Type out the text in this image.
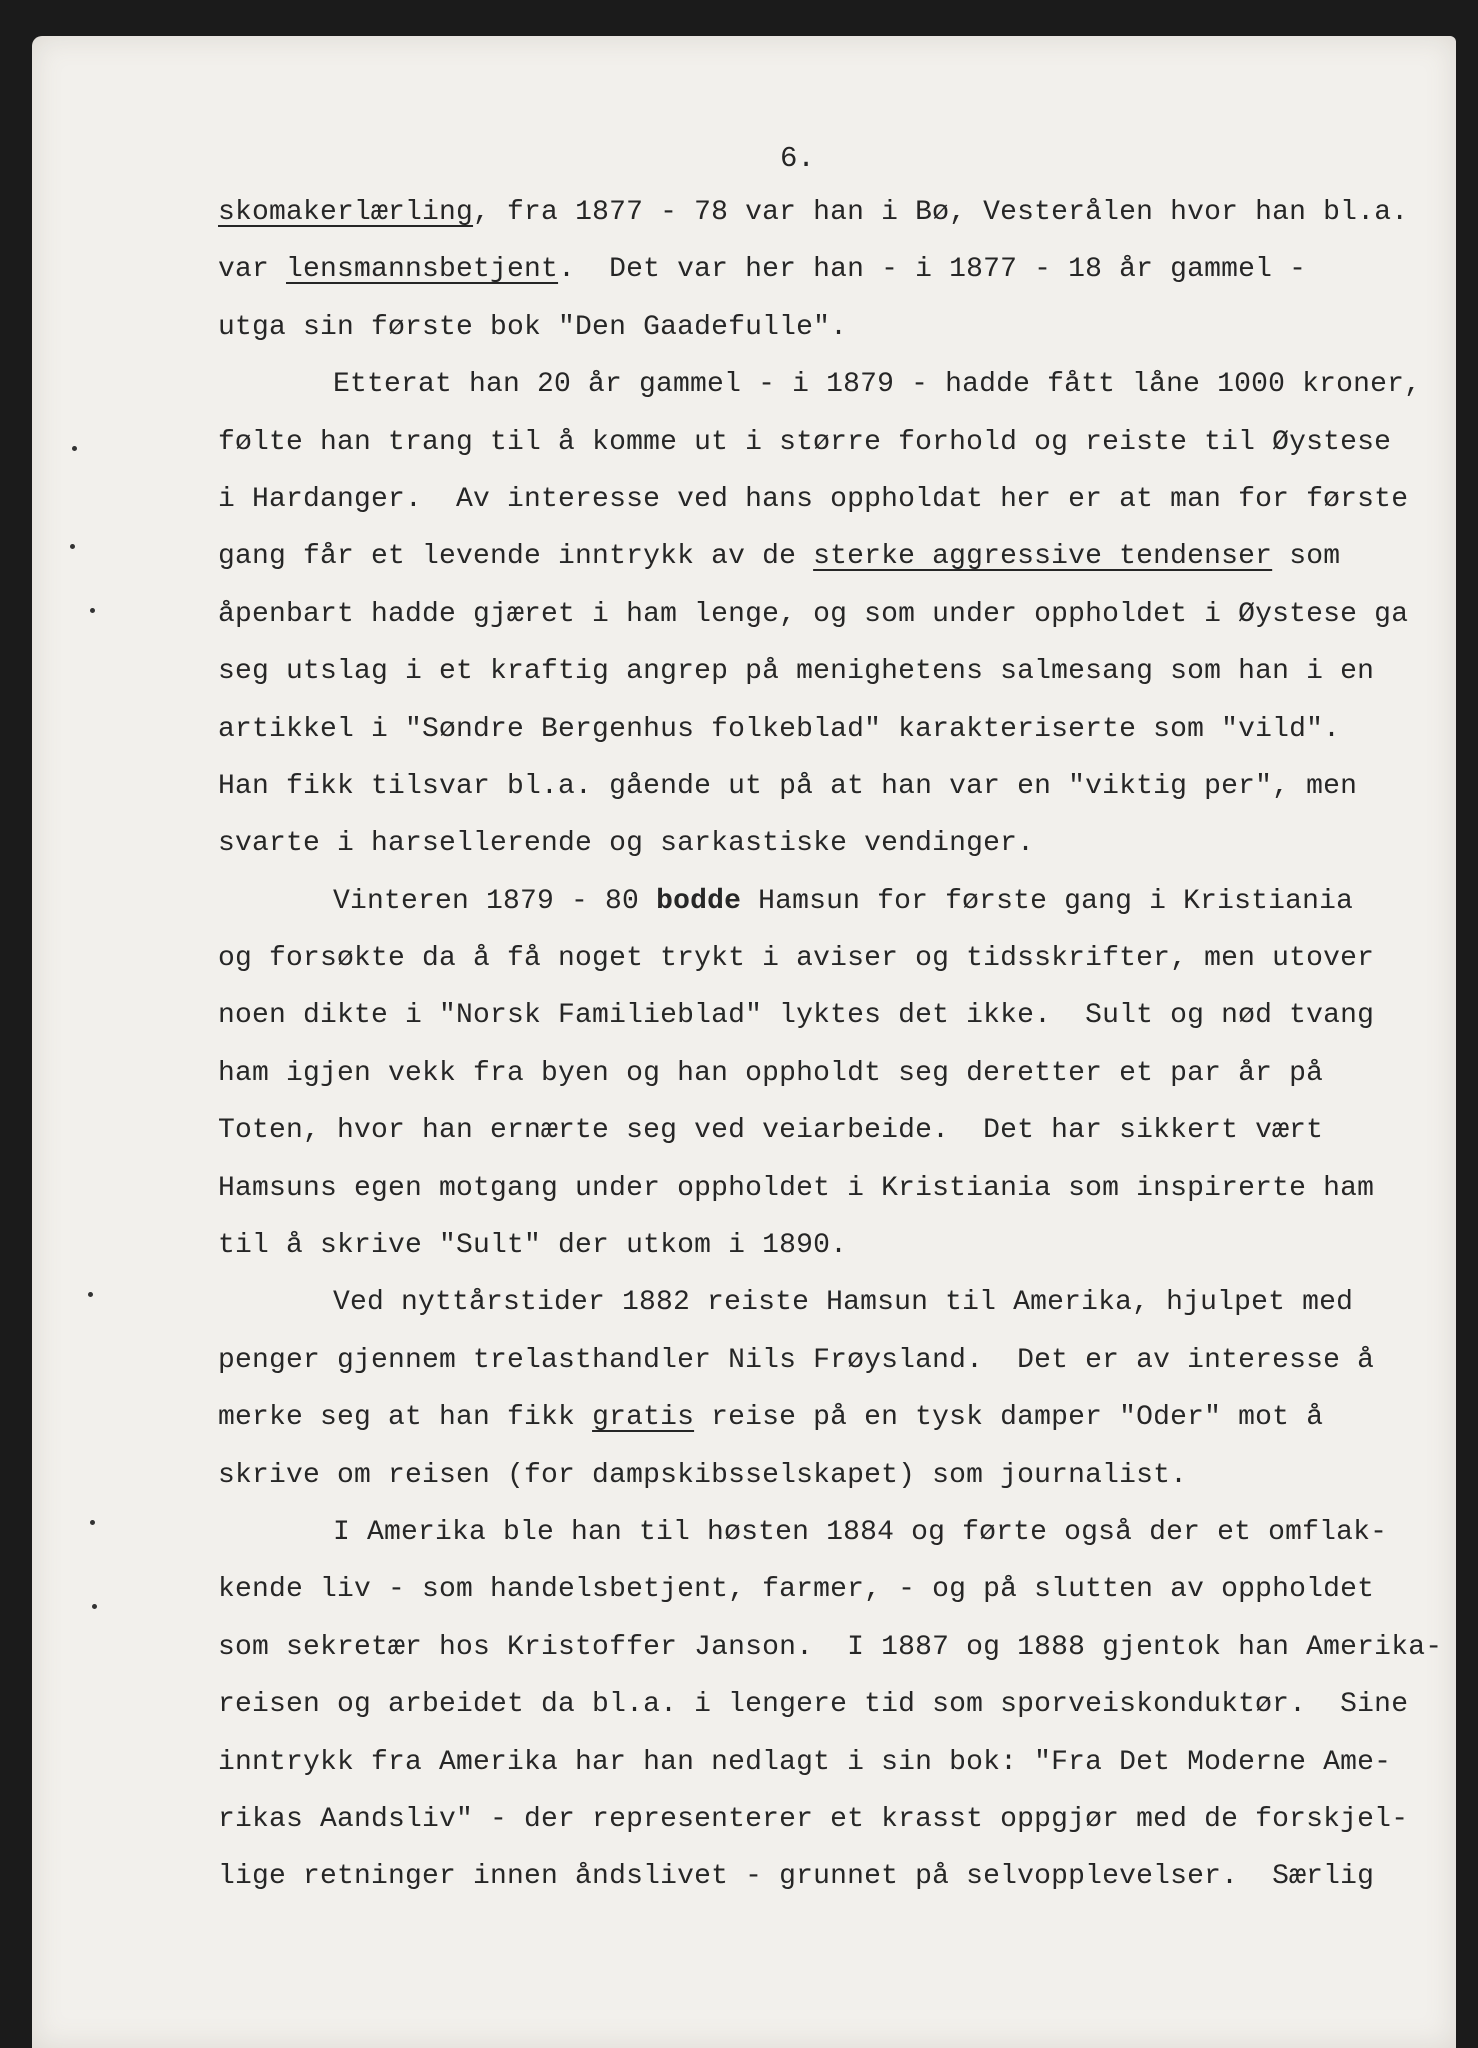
6.
skomakerlærling, fra 1877 - 78 var han i Bø, Vesterålen hvor han bl.a.
var lensmannsbetjent.  Det var her han - i 1877 - 18 år gammel -
utga sin første bok "Den Gaadefulle".
Etterat han 20 år gammel - i 1879 - hadde fått låne 1000 kroner,
følte han trang til å komme ut i større forhold og reiste til Øystese
i Hardanger.  Av interesse ved hans oppholdat her er at man for første
gang får et levende inntrykk av de sterke aggressive tendenser som
åpenbart hadde gjæret i ham lenge, og som under oppholdet i Øystese ga
seg utslag i et kraftig angrep på menighetens salmesang som han i en
artikkel i "Søndre Bergenhus folkeblad" karakteriserte som "vild".
Han fikk tilsvar bl.a. gående ut på at han var en "viktig per", men
svarte i harsellerende og sarkastiske vendinger.
Vinteren 1879 - 80 bodde Hamsun for første gang i Kristiania
og forsøkte da å få noget trykt i aviser og tidsskrifter, men utover
noen dikte i "Norsk Familieblad" lyktes det ikke.  Sult og nød tvang
ham igjen vekk fra byen og han oppholdt seg deretter et par år på
Toten, hvor han ernærte seg ved veiarbeide.  Det har sikkert vært
Hamsuns egen motgang under oppholdet i Kristiania som inspirerte ham
til å skrive "Sult" der utkom i 1890.
Ved nyttårstider 1882 reiste Hamsun til Amerika, hjulpet med
penger gjennem trelasthandler Nils Frøysland.  Det er av interesse å
merke seg at han fikk gratis reise på en tysk damper "Oder" mot å
skrive om reisen (for dampskibsselskapet) som journalist.
I Amerika ble han til høsten 1884 og førte også der et omflak-
kende liv - som handelsbetjent, farmer, - og på slutten av oppholdet
som sekretær hos Kristoffer Janson.  I 1887 og 1888 gjentok han Amerika-
reisen og arbeidet da bl.a. i lengere tid som sporveiskonduktør.  Sine
inntrykk fra Amerika har han nedlagt i sin bok: "Fra Det Moderne Ame-
rikas Aandsliv" - der representerer et krasst oppgjør med de forskjel-
lige retninger innen åndslivet - grunnet på selvopplevelser.  Særlig
